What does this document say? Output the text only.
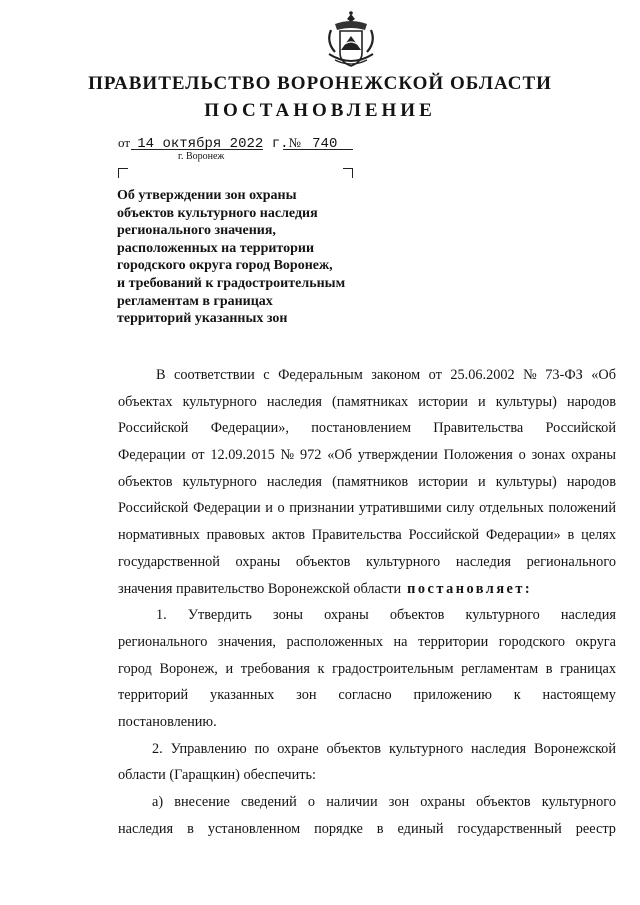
ПРАВИТЕЛЬСТВО ВОРОНЕЖСКОЙ ОБЛАСТИ
ПОСТАНОВЛЕНИЕ
от 14 октября 2022 г.№ 740
г. Воронеж
Об утверждении зон охраны
объектов культурного наследия
регионального значения,
расположенных на территории
городского округа город Воронеж,
и требований к градостроительным
регламентам в границах
территорий указанных зон
В соответствии с Федеральным законом от 25.06.2002 № 73-ФЗ «Об
объектах культурного наследия (памятниках истории и культуры) народов
Российской Федерации», постановлением Правительства Российской
Федерации от 12.09.2015 № 972 «Об утверждении Положения о зонах охраны
объектов культурного наследия (памятников истории и культуры) народов
Российской Федерации и о признании утратившими силу отдельных положений
нормативных правовых актов Правительства Российской Федерации» в целях
государственной охраны объектов культурного наследия регионального
значения правительство Воронежской области постановляет:
1. Утвердить зоны охраны объектов культурного наследия
регионального значения, расположенных на территории городского округа
город Воронеж, и требования к градостроительным регламентам в границах
территорий указанных зон согласно приложению к настоящему
постановлению.
2. Управлению по охране объектов культурного наследия Воронежской
области (Гаращкин) обеспечить:
а) внесение сведений о наличии зон охраны объектов культурного
наследия в установленном порядке в единый государственный реестр
